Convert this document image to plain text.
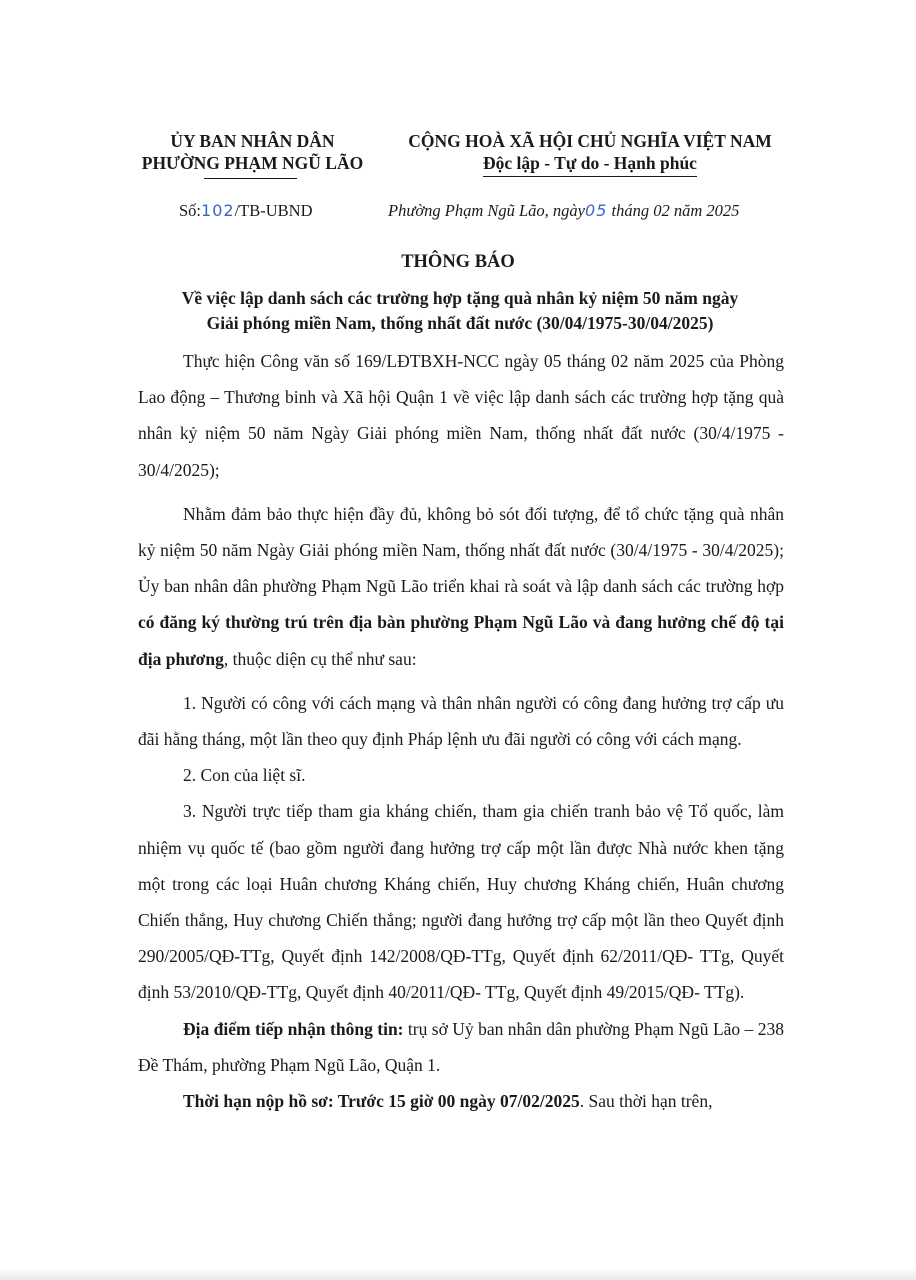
ỦY BAN NHÂN DÂN
PHƯỜNG PHẠM NGŨ LÃO
CỘNG HOÀ XÃ HỘI CHỦ NGHĨA VIỆT NAM
Độc lập - Tự do - Hạnh phúc
Số:102/TB-UBND	Phường Phạm Ngũ Lão, ngày05 tháng 02 năm 2025
THÔNG BÁO
Về việc lập danh sách các trường hợp tặng quà nhân kỷ niệm 50 năm ngày
Giải phóng miền Nam, thống nhất đất nước (30/04/1975-30/04/2025)

Thực hiện Công văn số 169/LĐTBXH-NCC ngày 05 tháng 02 năm 2025 của Phòng Lao động – Thương binh và Xã hội Quận 1 về việc lập danh sách các trường hợp tặng quà nhân kỷ niệm 50 năm Ngày Giải phóng miền Nam, thống nhất đất nước (30/4/1975 - 30/4/2025);

Nhằm đảm bảo thực hiện đầy đủ, không bỏ sót đối tượng, để tổ chức tặng quà nhân kỷ niệm 50 năm Ngày Giải phóng miền Nam, thống nhất đất nước (30/4/1975 - 30/4/2025); Ủy ban nhân dân phường Phạm Ngũ Lão triển khai rà soát và lập danh sách các trường hợp có đăng ký thường trú trên địa bàn phường Phạm Ngũ Lão và đang hưởng chế độ tại địa phương, thuộc diện cụ thể như sau:

1. Người có công với cách mạng và thân nhân người có công đang hưởng trợ cấp ưu đãi hằng tháng, một lần theo quy định Pháp lệnh ưu đãi người có công với cách mạng.

2. Con của liệt sĩ.

3. Người trực tiếp tham gia kháng chiến, tham gia chiến tranh bảo vệ Tổ quốc, làm nhiệm vụ quốc tế (bao gồm người đang hưởng trợ cấp một lần được Nhà nước khen tặng một trong các loại Huân chương Kháng chiến, Huy chương Kháng chiến, Huân chương Chiến thắng, Huy chương Chiến thắng; người đang hưởng trợ cấp một lần theo Quyết định 290/2005/QĐ-TTg, Quyết định 142/2008/QĐ-TTg, Quyết định 62/2011/QĐ- TTg, Quyết định 53/2010/QĐ-TTg, Quyết định 40/2011/QĐ- TTg, Quyết định 49/2015/QĐ- TTg).

Địa điểm tiếp nhận thông tin: trụ sở Uỷ ban nhân dân phường Phạm Ngũ Lão – 238 Đề Thám, phường Phạm Ngũ Lão, Quận 1.

Thời hạn nộp hồ sơ: Trước 15 giờ 00 ngày 07/02/2025. Sau thời hạn trên,
